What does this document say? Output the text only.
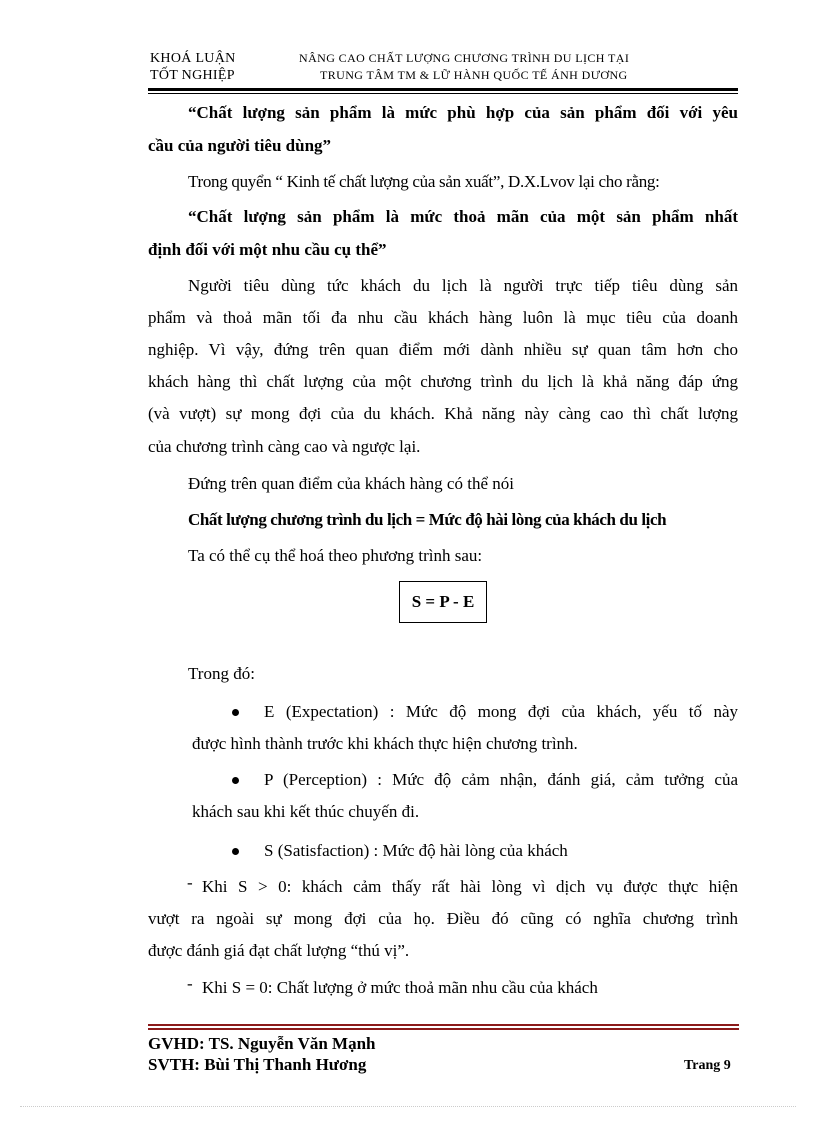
KHOÁ LUẬN
TỐT NGHIỆP
NÂNG CAO CHẤT LƯỢNG CHƯƠNG TRÌNH DU LỊCH TẠI
TRUNG TÂM TM & LỮ HÀNH QUỐC TẾ ÁNH DƯƠNG
“Chất lượng sản phẩm là mức phù hợp của sản phẩm đối với yêu
cầu của người tiêu dùng”
Trong quyển “ Kinh tế chất lượng của sản xuất”, D.X.Lvov lại cho rằng:
“Chất lượng sản phẩm là mức thoả mãn của một sản phẩm nhất
định đối với một nhu cầu cụ thể”
Người tiêu dùng tức khách du lịch là người trực tiếp tiêu dùng sản
phẩm và thoả mãn tối đa nhu cầu khách hàng luôn là mục tiêu của doanh
nghiệp. Vì vậy, đứng trên quan điểm mới dành nhiều sự quan tâm hơn cho
khách hàng thì chất lượng của một chương trình du lịch là khả năng đáp ứng
(và vượt) sự mong đợi của du khách. Khả năng này càng cao thì chất lượng
của chương trình càng cao và ngược lại.
Đứng trên quan điểm của khách hàng có thể nói
Chất lượng chương trình du lịch = Mức độ hài lòng của khách du lịch
Ta có thể cụ thể hoá theo phương trình sau:
S = P - E
Trong đó:
E (Expectation) : Mức độ mong đợi của khách, yếu tố này
được hình thành trước khi khách thực hiện chương trình.
P (Perception) : Mức độ cảm nhận, đánh giá, cảm tưởng của
khách sau khi kết thúc chuyến đi.
S (Satisfaction) : Mức độ hài lòng của khách
- Khi S > 0: khách cảm thấy rất hài lòng vì dịch vụ được thực hiện
vượt ra ngoài sự mong đợi của họ. Điều đó cũng có nghĩa chương trình
được đánh giá đạt chất lượng “thú vị”.
- Khi S = 0: Chất lượng ở mức thoả mãn nhu cầu của khách
GVHD: TS. Nguyễn Văn Mạnh
SVTH: Bùi Thị Thanh Hương	Trang 9
